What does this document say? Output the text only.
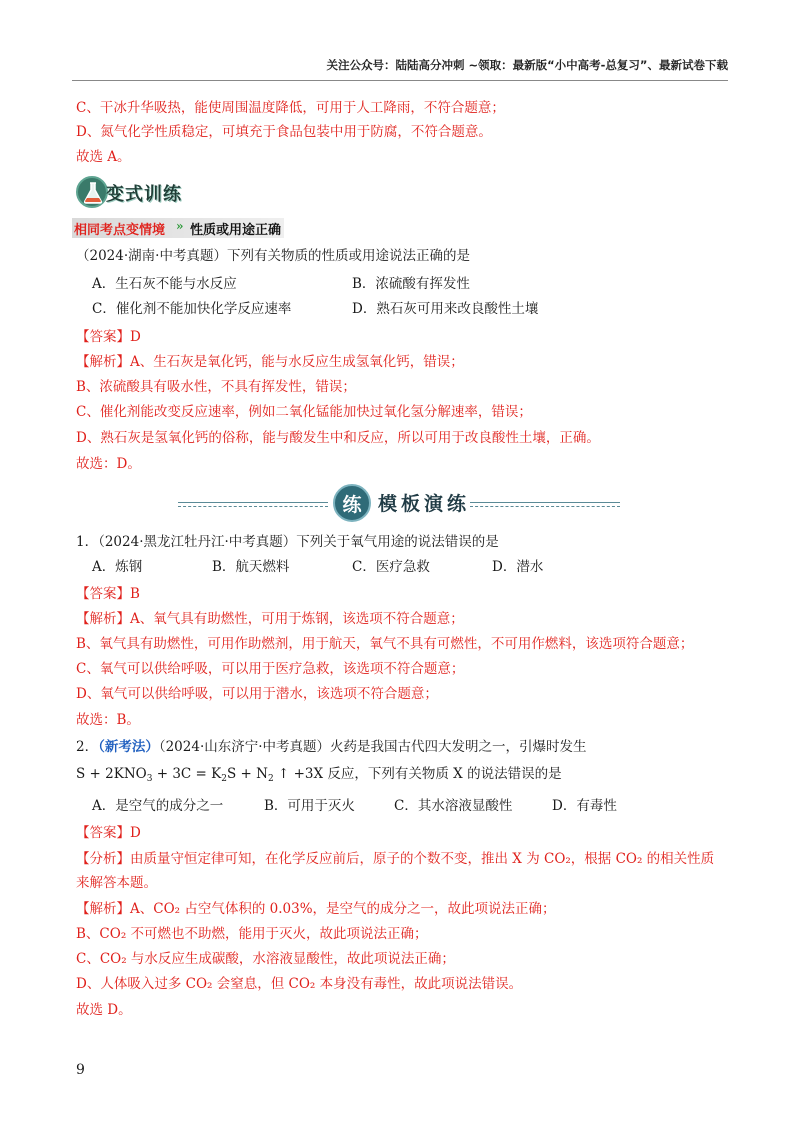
关注公众号：陆陆高分冲刺 ~领取：最新版“小中高考-总复习”、最新试卷下载
C、干冰升华吸热，能使周围温度降低，可用于人工降雨，不符合题意；
D、氮气化学性质稳定，可填充于食品包装中用于防腐，不符合题意。
故选 A。
变式训练
相同考点变情境 » 性质或用途正确
（2024·湖南·中考真题）下列有关物质的性质或用途说法正确的是
A．生石灰不能与水反应	B．浓硫酸有挥发性
C．催化剂不能加快化学反应速率	D．熟石灰可用来改良酸性土壤
【答案】D
【解析】A、生石灰是氧化钙，能与水反应生成氢氧化钙，错误；
B、浓硫酸具有吸水性，不具有挥发性，错误；
C、催化剂能改变反应速率，例如二氧化锰能加快过氧化氢分解速率，错误；
D、熟石灰是氢氧化钙的俗称，能与酸发生中和反应，所以可用于改良酸性土壤，正确。
故选：D。
练 模板演练
1．（2024·黑龙江牡丹江·中考真题）下列关于氧气用途的说法错误的是
A．炼钢	B．航天燃料	C．医疗急救	D．潜水
【答案】B
【解析】A、氧气具有助燃性，可用于炼钢，该选项不符合题意；
B、氧气具有助燃性，可用作助燃剂，用于航天，氧气不具有可燃性，不可用作燃料，该选项符合题意；
C、氧气可以供给呼吸，可以用于医疗急救，该选项不符合题意；
D、氧气可以供给呼吸，可以用于潜水，该选项不符合题意；
故选：B。
2．（新考法）（2024·山东济宁·中考真题）火药是我国古代四大发明之一，引爆时发生
$S + 2KNO_3 + 3C = K_2S + N_2$ ↑ +3X 反应，下列有关物质 X 的说法错误的是
A．是空气的成分之一	B．可用于灭火	C．其水溶液显酸性	D．有毒性
【答案】D
【分析】由质量守恒定律可知，在化学反应前后，原子的个数不变，推出 X 为 CO₂，根据 CO₂ 的相关性质
来解答本题。
【解析】A、CO₂ 占空气体积的 0.03%，是空气的成分之一，故此项说法正确；
B、CO₂ 不可燃也不助燃，能用于灭火，故此项说法正确；
C、CO₂ 与水反应生成碳酸，水溶液显酸性，故此项说法正确；
D、人体吸入过多 CO₂ 会窒息，但 CO₂ 本身没有毒性，故此项说法错误。
故选 D。
9
